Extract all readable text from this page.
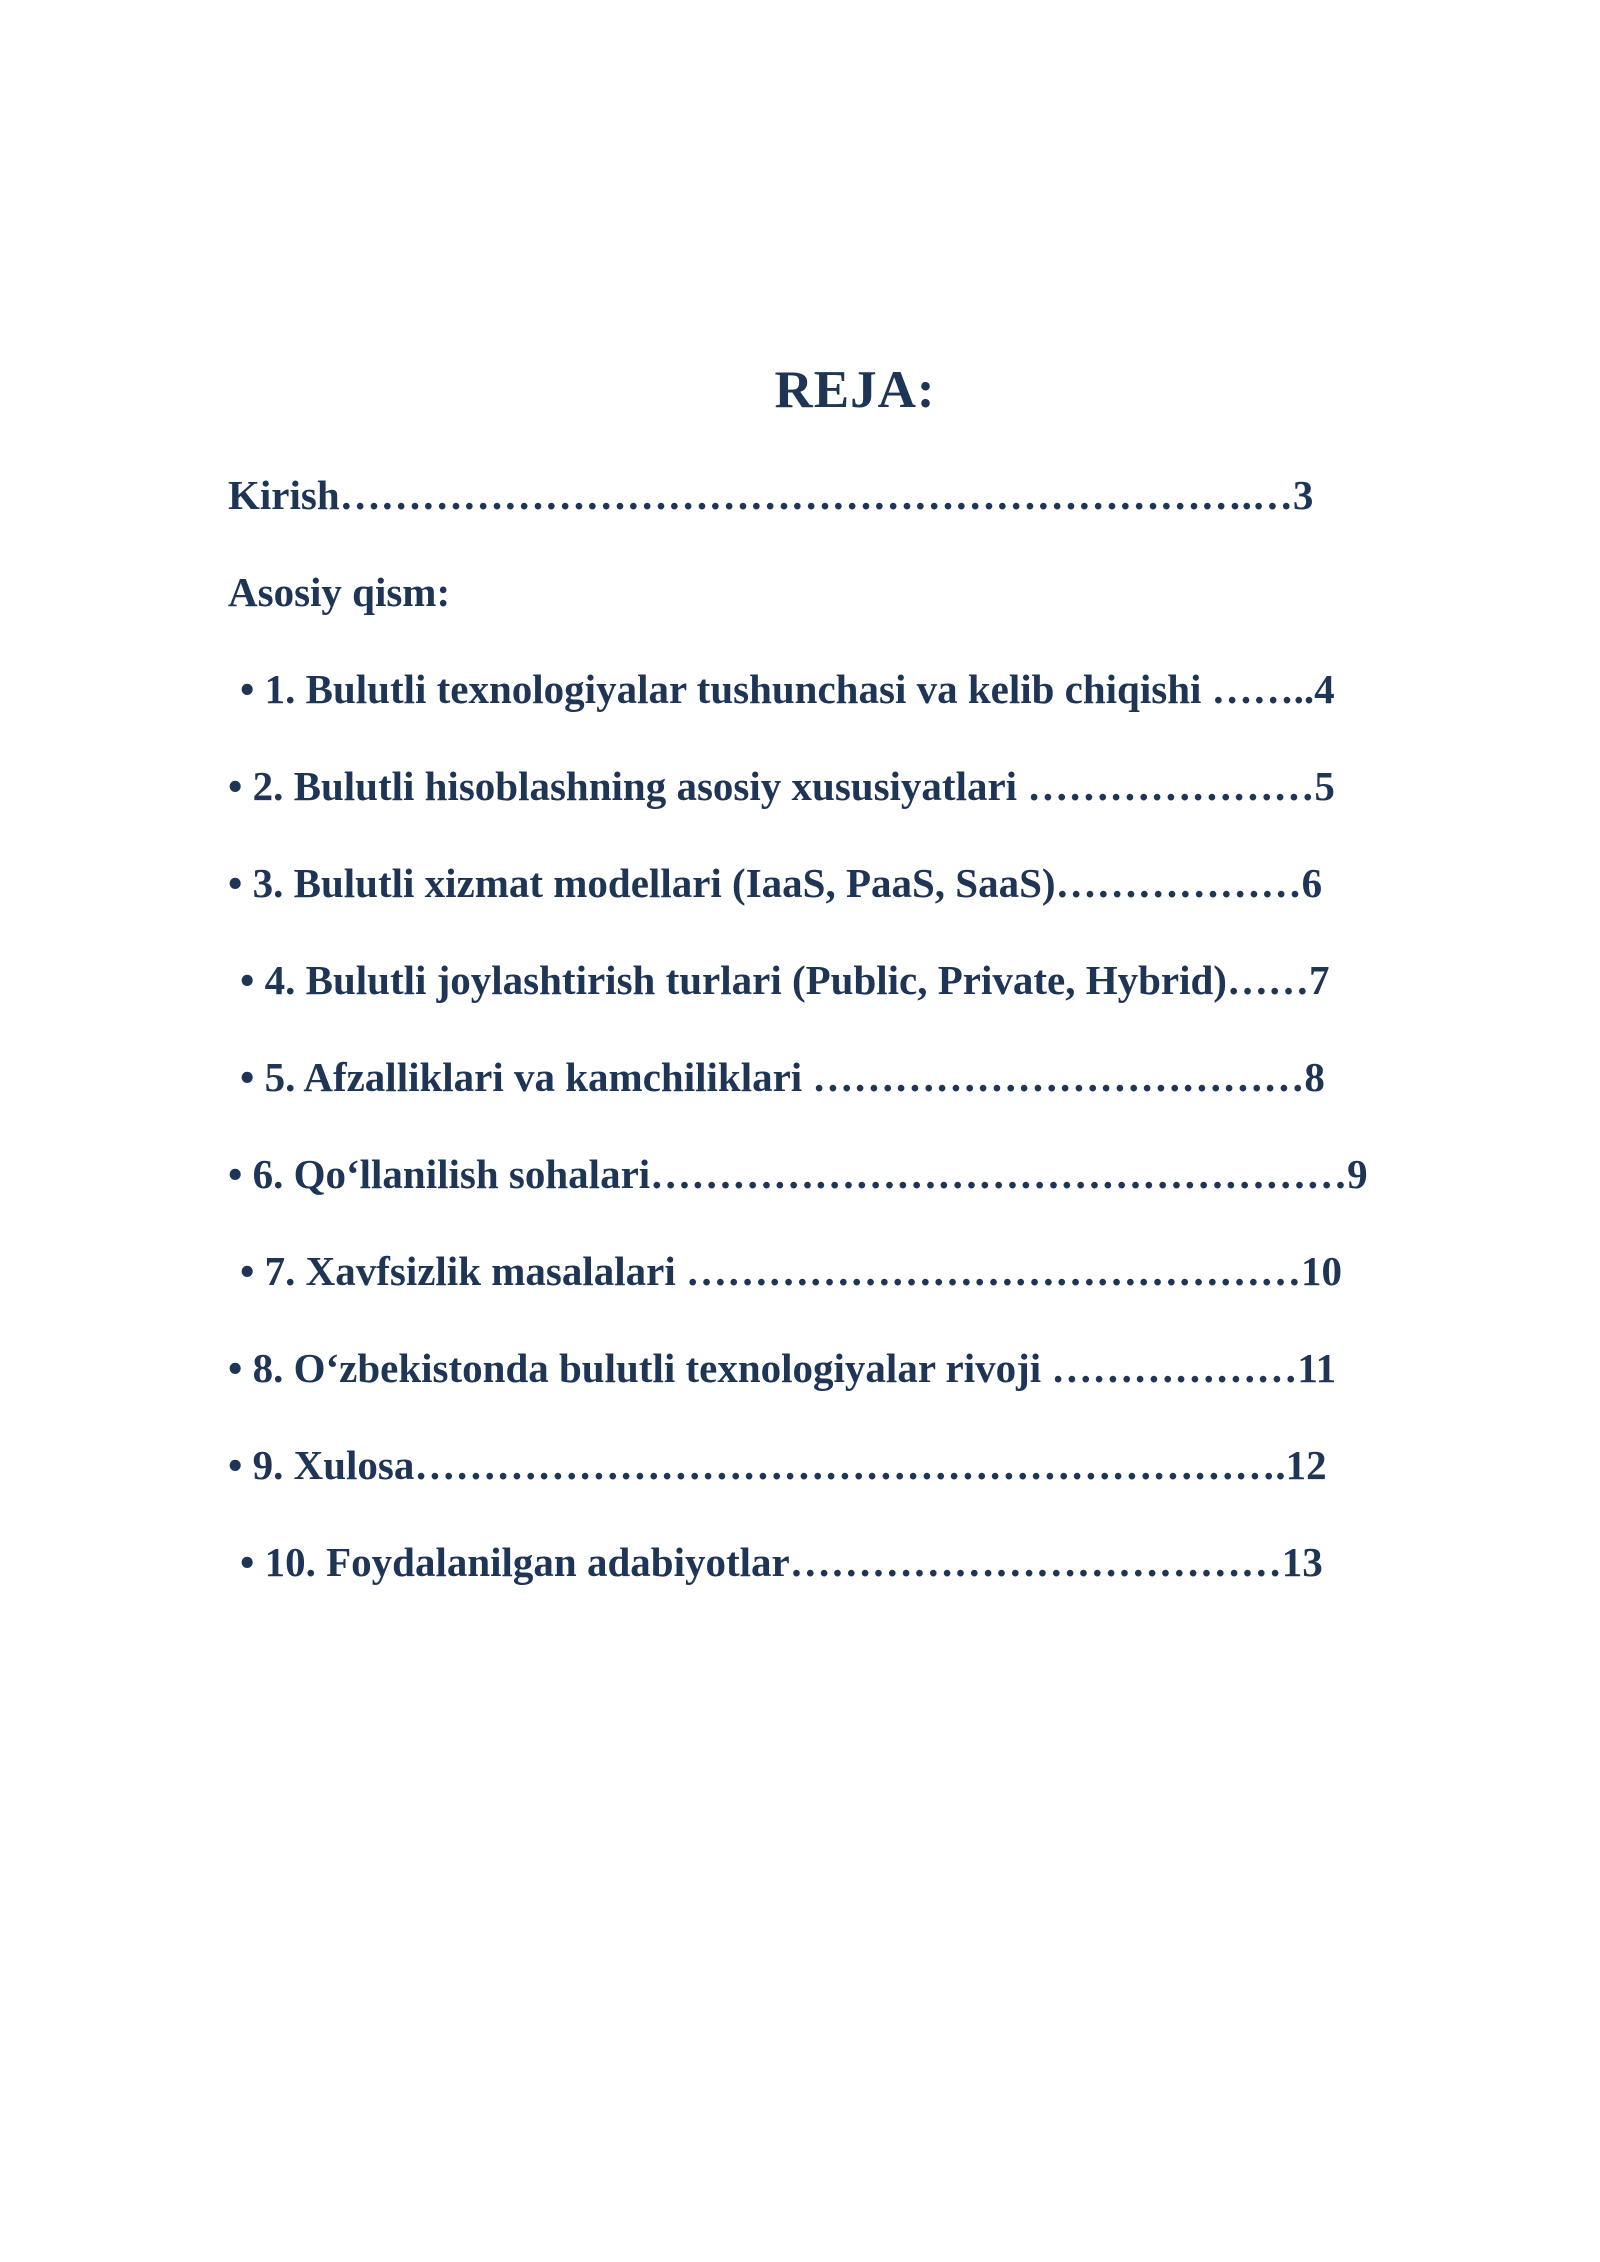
REJA:
Kirish………………………………………………………….…3
Asosiy qism:
• 1. Bulutli texnologiyalar tushunchasi va kelib chiqishi ……..4
• 2. Bulutli hisoblashning asosiy xususiyatlari …………………5
• 3. Bulutli xizmat modellari (IaaS, PaaS, SaaS)………………6
• 4. Bulutli joylashtirish turlari (Public, Private, Hybrid)……7
• 5. Afzalliklari va kamchiliklari ………………………………8
• 6. Qo‘llanilish sohalari……………………………………………9
• 7. Xavfsizlik masalalari ………………………………………10
• 8. O‘zbekistonda bulutli texnologiyalar rivoji ………………11
• 9. Xulosa……………………………………………………….12
• 10. Foydalanilgan adabiyotlar………………………………13
